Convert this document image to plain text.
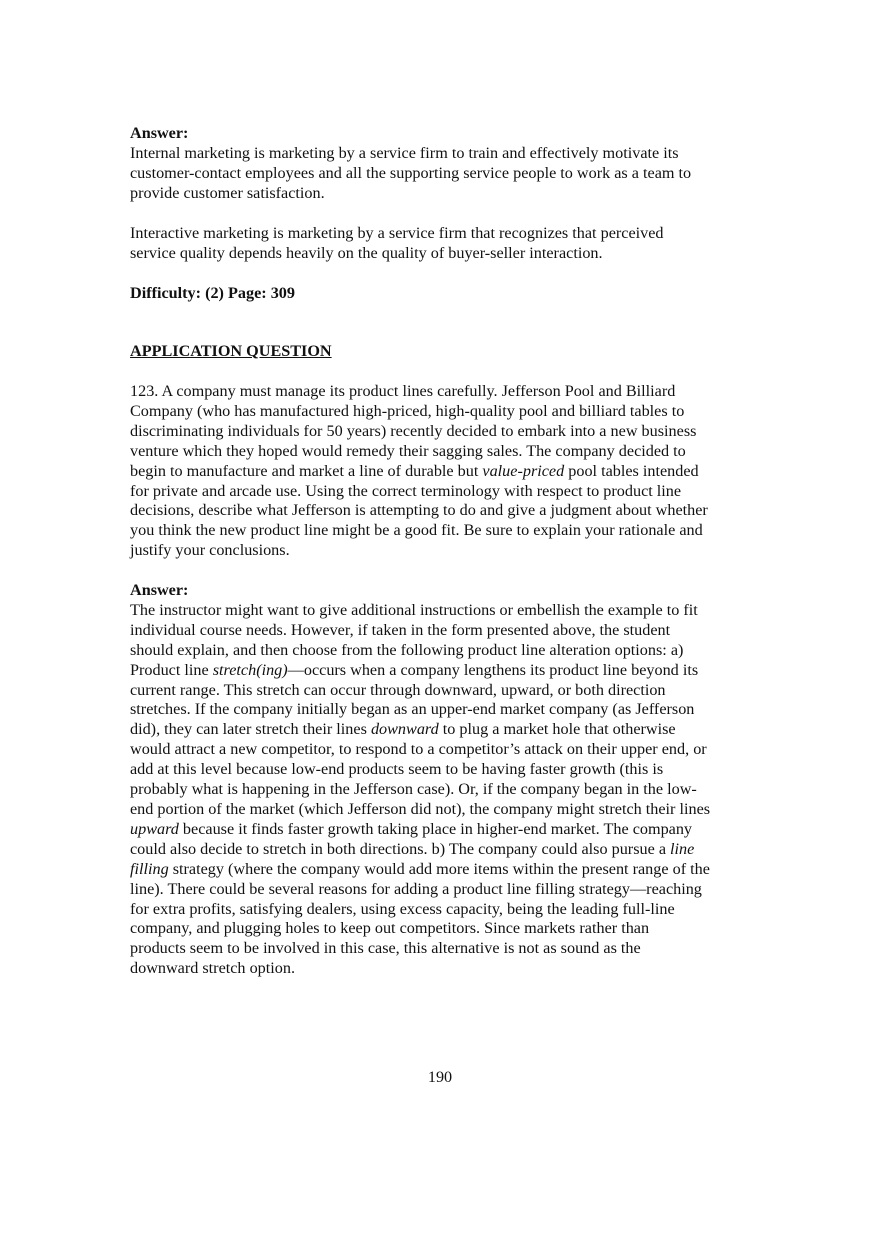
Answer:

Internal marketing is marketing by a service firm to train and effectively motivate its

customer-contact employees and all the supporting service people to work as a team to

provide customer satisfaction.

Interactive marketing is marketing by a service firm that recognizes that perceived

service quality depends heavily on the quality of buyer-seller interaction.

Difficulty: (2) Page: 309
APPLICATION QUESTION

123. A company must manage its product lines carefully. Jefferson Pool and Billiard

Company (who has manufactured high-priced, high-quality pool and billiard tables to

discriminating individuals for 50 years) recently decided to embark into a new business

venture which they hoped would remedy their sagging sales. The company decided to

begin to manufacture and market a line of durable but value-priced pool tables intended

for private and arcade use. Using the correct terminology with respect to product line

decisions, describe what Jefferson is attempting to do and give a judgment about whether

you think the new product line might be a good fit. Be sure to explain your rationale and

justify your conclusions.

Answer:

The instructor might want to give additional instructions or embellish the example to fit

individual course needs. However, if taken in the form presented above, the student

should explain, and then choose from the following product line alteration options: a)

Product line stretch(ing)—occurs when a company lengthens its product line beyond its

current range. This stretch can occur through downward, upward, or both direction

stretches. If the company initially began as an upper-end market company (as Jefferson

did), they can later stretch their lines downward to plug a market hole that otherwise

would attract a new competitor, to respond to a competitor’s attack on their upper end, or

add at this level because low-end products seem to be having faster growth (this is

probably what is happening in the Jefferson case). Or, if the company began in the low-

end portion of the market (which Jefferson did not), the company might stretch their lines

upward because it finds faster growth taking place in higher-end market. The company

could also decide to stretch in both directions. b) The company could also pursue a line

filling strategy (where the company would add more items within the present range of the

line). There could be several reasons for adding a product line filling strategy—reaching

for extra profits, satisfying dealers, using excess capacity, being the leading full-line

company, and plugging holes to keep out competitors. Since markets rather than

products seem to be involved in this case, this alternative is not as sound as the

downward stretch option.

190
